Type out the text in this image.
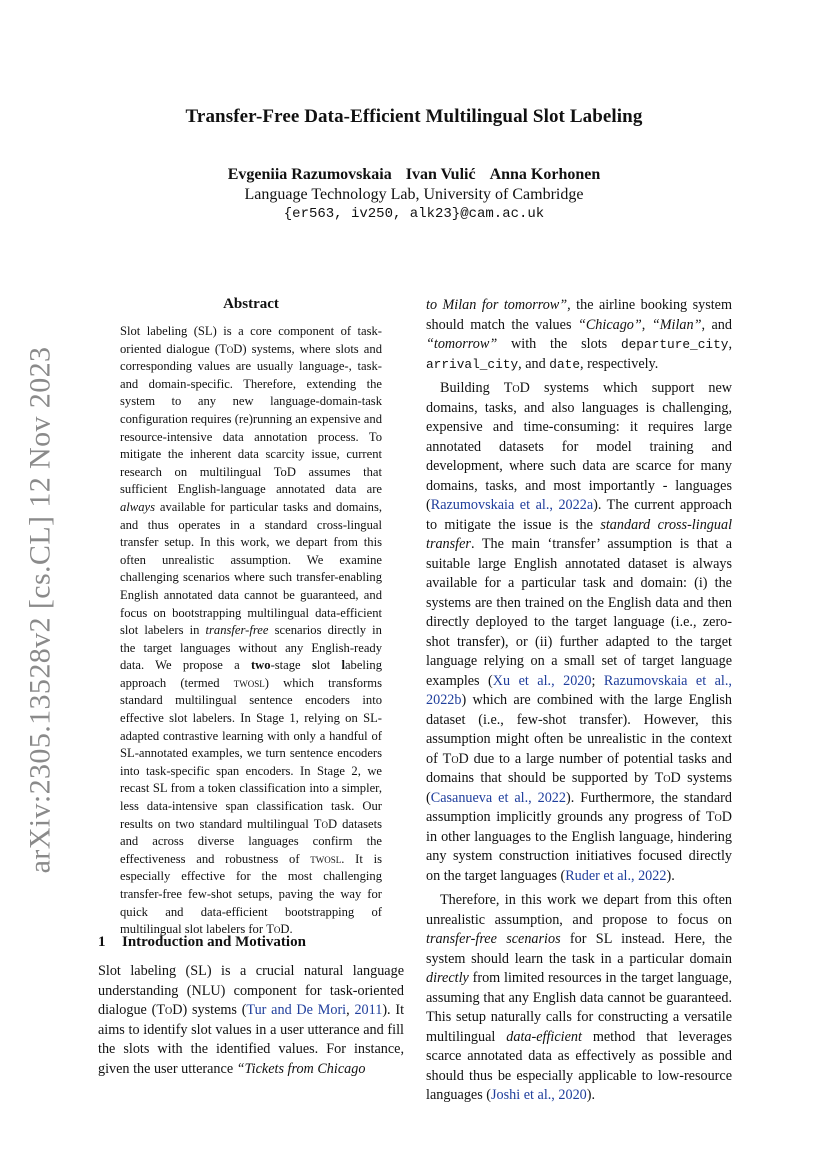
arXiv:2305.13528v2 [cs.CL] 12 Nov 2023
Transfer-Free Data-Efficient Multilingual Slot Labeling
Evgeniia Razumovskaia Ivan Vulić Anna Korhonen
Language Technology Lab, University of Cambridge
{er563, iv250, alk23}@cam.ac.uk
Abstract

Slot labeling (SL) is a core component of task-oriented dialogue (ToD) systems, where slots and corresponding values are usually language-, task- and domain-specific. Therefore, extending the system to any new language-domain-task configuration requires (re)running an expensive and resource-intensive data annotation process. To mitigate the inherent data scarcity issue, current research on multilingual ToD assumes that sufficient English-language annotated data are always available for particular tasks and domains, and thus operates in a standard cross-lingual transfer setup. In this work, we depart from this often unrealistic assumption. We examine challenging scenarios where such transfer-enabling English annotated data cannot be guaranteed, and focus on bootstrapping multilingual data-efficient slot labelers in transfer-free scenarios directly in the target languages without any English-ready data. We propose a two-stage slot labeling approach (termed twosl) which transforms standard multilingual sentence encoders into effective slot labelers. In Stage 1, relying on SL-adapted contrastive learning with only a handful of SL-annotated examples, we turn sentence encoders into task-specific span encoders. In Stage 2, we recast SL from a token classification into a simpler, less data-intensive span classification task. Our results on two standard multilingual ToD datasets and across diverse languages confirm the effectiveness and robustness of twosl. It is especially effective for the most challenging transfer-free few-shot setups, paving the way for quick and data-efficient bootstrapping of multilingual slot labelers for ToD.

1 Introduction and Motivation

Slot labeling (SL) is a crucial natural language understanding (NLU) component for task-oriented dialogue (ToD) systems (Tur and De Mori, 2011). It aims to identify slot values in a user utterance and fill the slots with the identified values. For instance, given the user utterance “Tickets from Chicago

to Milan for tomorrow”, the airline booking system should match the values “Chicago”, “Milan”, and “tomorrow” with the slots departure_city, arrival_city, and date, respectively.

Building ToD systems which support new domains, tasks, and also languages is challenging, expensive and time-consuming: it requires large annotated datasets for model training and development, where such data are scarce for many domains, tasks, and most importantly - languages (Razumovskaia et al., 2022a). The current approach to mitigate the issue is the standard cross-lingual transfer. The main ‘transfer’ assumption is that a suitable large English annotated dataset is always available for a particular task and domain: (i) the systems are then trained on the English data and then directly deployed to the target language (i.e., zero-shot transfer), or (ii) further adapted to the target language relying on a small set of target language examples (Xu et al., 2020; Razumovskaia et al., 2022b) which are combined with the large English dataset (i.e., few-shot transfer). However, this assumption might often be unrealistic in the context of ToD due to a large number of potential tasks and domains that should be supported by ToD systems (Casanueva et al., 2022). Furthermore, the standard assumption implicitly grounds any progress of ToD in other languages to the English language, hindering any system construction initiatives focused directly on the target languages (Ruder et al., 2022).

Therefore, in this work we depart from this often unrealistic assumption, and propose to focus on transfer-free scenarios for SL instead. Here, the system should learn the task in a particular domain directly from limited resources in the target language, assuming that any English data cannot be guaranteed. This setup naturally calls for constructing a versatile multilingual data-efficient method that leverages scarce annotated data as effectively as possible and should thus be especially applicable to low-resource languages (Joshi et al., 2020).
